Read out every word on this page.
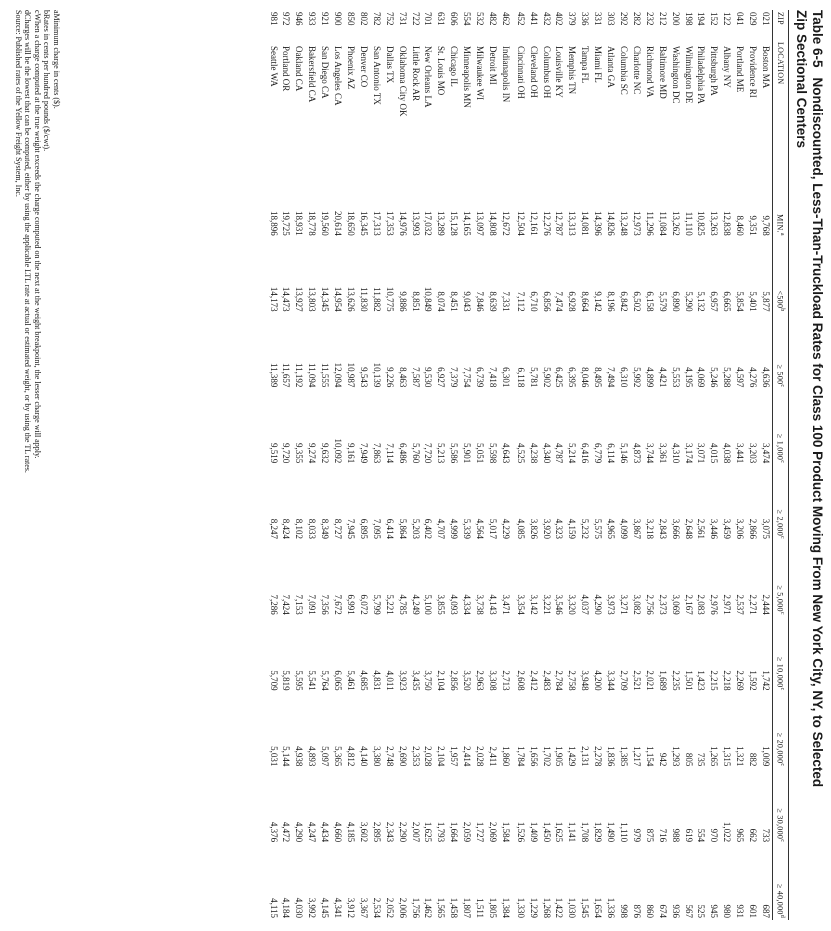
Table 6-5Nondiscounted, Less-Than-Truckload Rates for Class 100 Product Moving From New York City, NY, to Selected
Zip Sectional Centers
ZIP	LOCATION	MIN.$^a$	$<500^b$	≥ $500^c$	≥ 1,000$^c$	≥ 2,000$^c$	≥ 5,000$^c$	≥ 10,000$^c$	≥ 20,000$^c$	≥ 30,000$^c$	≥ 40,000$^d$
021	Boston MA	9,768	5,877	4,636	3,474	3,075	2,444	1,742	1,009	733	687
029	Providence RI	9,351	5,401	4,276	3,203	2,866	2,271	1,592	882	662	601
041	Portland ME	8,460	5,854	4,597	3,441	3,206	2,537	2,269	1,321	965	931
122	Albany NY	12,838	6,665	5,288	4,038	3,459	2,971	2,218	1,315	1,022	980
152	Pittsburgh PA	13,263	6,957	5,246	4,015	3,446	2,976	2,215	1,265	970	945
194	Philadelphia PA	10,825	5,132	4,069	3,071	2,561	2,083	1,423	735	554	525
198	Wilmington DE	11,110	5,290	4,195	3,174	2,648	2,167	1,501	805	619	567
200	Washington DC	13,262	6,890	5,553	4,310	3,666	3,069	2,235	1,293	988	936
212	Baltimore MD	11,084	5,579	4,421	3,361	2,843	2,373	1,689	942	716	674
232	Richmond VA	11,296	6,158	4,899	3,744	3,218	2,756	2,021	1,154	875	860
282	Charlotte NC	12,973	6,502	5,992	4,873	3,867	3,082	2,521	1,217	979	876
292	Columbia SC	13,248	6,842	6,310	5,146	4,099	3,271	2,709	1,385	1,110	998
303	Atlanta GA	14,826	8,196	7,494	6,114	4,965	3,973	3,344	1,836	1,490	1,336
331	Miami FL	14,396	9,142	8,495	6,779	5,575	4,290	4,200	2,278	1,829	1,654
336	Tampa FL	14,081	8,664	8,046	6,416	5,232	4,037	3,948	2,131	1,708	1,545
379	Memphis TN	13,313	6,928	6,395	5,214	4,159	3,320	2,758	1,429	1,141	1,030
402	Louisville KY	12,787	7,474	6,425	4,787	4,323	3,546	2,784	1,905	1,625	1,422
432	Columbus OH	12,276	6,856	5,902	4,340	3,920	3,221	2,483	1,702	1,450	1,268
441	Cleveland OH	12,161	6,710	5,781	4,238	3,826	3,142	2,412	1,656	1,409	1,229
452	Cincinnati OH	12,504	7,112	6,118	4,525	4,085	3,354	2,608	1,784	1,526	1,330
462	Indianapolis IN	12,672	7,331	6,301	4,643	4,229	3,471	2,713	1,860	1,584	1,384
482	Detroit MI	14,808	8,639	7,418	5,598	5,017	4,143	3,308	2,411	2,069	1,805
532	Milwaukee WI	13,097	7,846	6,739	5,051	4,564	3,738	2,963	2,028	1,727	1,511
554	Minneapolis MN	14,165	9,043	7,754	5,901	5,339	4,334	3,520	2,414	2,059	1,807
606	Chicago IL	15,128	8,451	7,379	5,586	4,999	4,093	2,856	1,957	1,664	1,458
631	St. Louis MO	13,289	8,074	6,927	5,213	4,707	3,855	2,104	2,104	1,793	1,565
701	New Orleans LA	17,032	10,849	9,530	7,720	6,402	5,100	3,750	2,028	1,625	1,462
722	Little Rock AR	13,993	8,851	7,587	5,760	5,203	4,249	3,435	2,353	2,007	1,756
731	Oklahoma City OK	14,976	9,886	8,463	6,486	5,864	4,785	3,923	2,690	2,290	2,006
752	Dallas TX	17,353	10,775	9,226	7,114	6,414	5,221	4,011	2,748	2,343	2,052
782	San Antonio TX	17,313	11,882	10,139	7,863	7,095	5,799	4,831	3,380	2,895	2,534
802	Denver CO	16,345	11,830	9,543	7,949	6,895	6,072	4,685	4,140	3,602	3,367
850	Phoenix AZ	18,650	13,626	10,987	9,161	7,945	6,991	5,461	4,812	4,185	3,912
900	Los Angeles CA	20,614	14,954	12,094	10,092	8,727	7,672	6,065	5,365	4,660	4,341
921	San Diego CA	19,560	14,345	11,555	9,632	8,349	7,356	5,764	5,097	4,434	4,145
933	Bakersfield CA	18,778	13,803	11,094	9,274	8,033	7,091	5,541	4,893	4,247	3,992
946	Oakland CA	18,931	13,927	11,192	9,355	8,102	7,153	5,595	4,938	4,290	4,030
972	Portland OR	19,725	14,473	11,657	9,720	8,424	7,424	5,819	5,144	4,472	4,184
981	Seattle WA	18,896	14,173	11,389	9,519	8,247	7,286	5,709	5,031	4,376	4,115
aMinimum charge in cents ($).
bRates in cents per hundred pounds ($/cwt).
cWhen a charge computed at the true weight exceeds the charge computed on the next at the weight breakpoint, the lesser charge will apply.
dCharges will be the lowest that can be computed, either by using the applicable LTL rate at actual or estimated weight, or by using the TL rates.
Source: Published rates of the Yellow Freight System, Inc.
